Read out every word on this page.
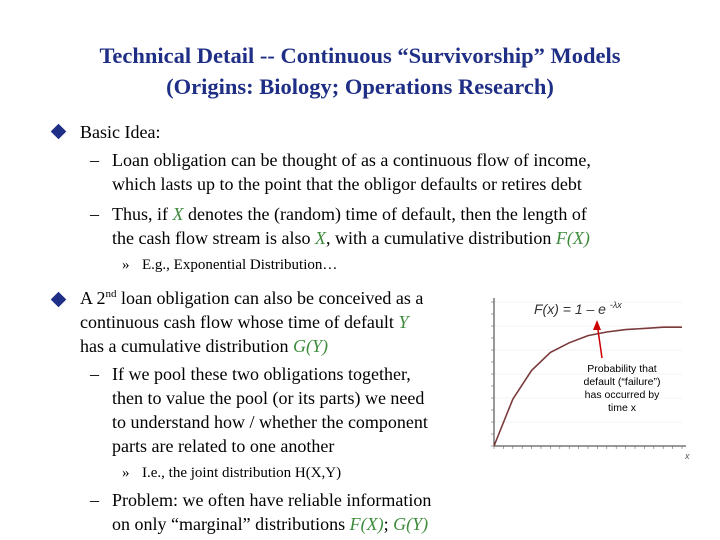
Technical Detail -- Continuous “Survivorship” Models
(Origins: Biology; Operations Research)
Basic Idea:
– Loan obligation can be thought of as a continuous flow of income,
which lasts up to the point that the obligor defaults or retires debt
– Thus, if X denotes the (random) time of default, then the length of
the cash flow stream is also X, with a cumulative distribution F(X)
» E.g., Exponential Distribution…
A 2nd loan obligation can also be conceived as a
continuous cash flow whose time of default Y
has a cumulative distribution G(Y)
– If we pool these two obligations together,
then to value the pool (or its parts) we need
to understand how / whether the component
parts are related to one another
» I.e., the joint distribution H(X,Y)
– Problem: we often have reliable information
on only “marginal” distributions F(X); G(Y)
F(x) = 1 – e $^{-\lambda x}$
Probability that
default (“failure”)
has occurred by
time x
x
